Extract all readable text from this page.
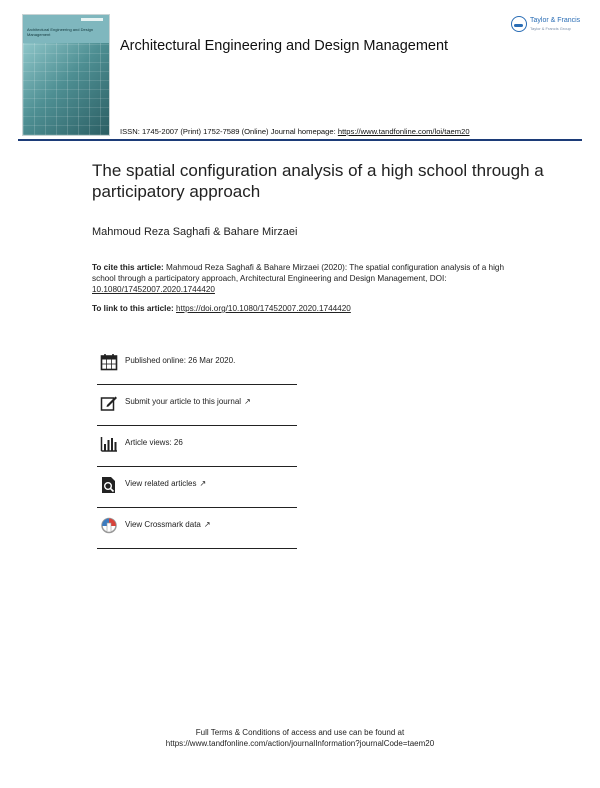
Architectural Engineering and Design Management
Architectural Engineering and Design Management
Taylor & Francis
Taylor & Francis Group
ISSN: 1745-2007 (Print) 1752-7589 (Online) Journal homepage: https://www.tandfonline.com/loi/taem20
The spatial configuration analysis of a high school through a participatory approach
Mahmoud Reza Saghafi & Bahare Mirzaei
To cite this article: Mahmoud Reza Saghafi & Bahare Mirzaei (2020): The spatial configuration analysis of a high school through a participatory approach, Architectural Engineering and Design Management, DOI: 10.1080/17452007.2020.1744420
To link to this article: https://doi.org/10.1080/17452007.2020.1744420
Published online: 26 Mar 2020.
Submit your article to this journal ↗
Article views: 26
View related articles ↗
View Crossmark data ↗
Full Terms & Conditions of access and use can be found at
https://www.tandfonline.com/action/journalInformation?journalCode=taem20
